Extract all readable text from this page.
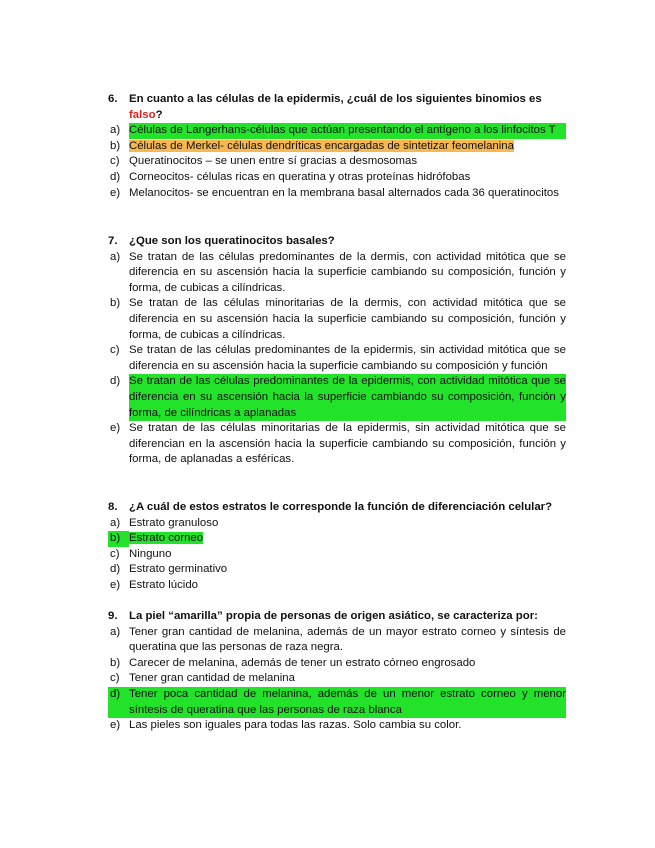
6.	En cuanto a las células de la epidermis, ¿cuál de los siguientes binomios es falso?
a) Células de Langerhans-células que actúan presentando el antígeno a los linfocitos T
b) Células de Merkel- células dendríticas encargadas de sintetizar feomelanina
c) Queratinocitos – se unen entre sí gracias a desmosomas
d) Corneocitos- células ricas en queratina y otras proteínas hidrófobas
e) Melanocitos- se encuentran en la membrana basal alternados cada 36 queratinocitos
7.	¿Que son los queratinocitos basales?
a) Se tratan de las células predominantes de la dermis, con actividad mitótica que se diferencia en su ascensión hacia la superficie cambiando su composición, función y forma, de cubicas a cilíndricas.
b) Se tratan de las células minoritarias de la dermis, con actividad mitótica que se diferencia en su ascensión hacia la superficie cambiando su composición, función y forma, de cubicas a cilíndricas.
c) Se tratan de las células predominantes de la epidermis, sin actividad mitótica que se diferencia en su ascensión hacia la superficie cambiando su composición y función
d) Se tratan de las células predominantes de la epidermis, con actividad mitótica que se diferencia en su ascensión hacia la superficie cambiando su composición, función y forma, de cilíndricas a aplanadas
e) Se tratan de las células minoritarias de la epidermis, sin actividad mitótica que se diferencian en la ascensión hacia la superficie cambiando su composición, función y forma, de aplanadas a esféricas.
8.	¿A cuál de estos estratos le corresponde la función de diferenciación celular?
a) Estrato granuloso
b) Estrato corneo
c) Ninguno
d) Estrato germinativo
e) Estrato lúcido
9.	La piel “amarilla” propia de personas de origen asiático, se caracteriza por:
a) Tener gran cantidad de melanina, además de un mayor estrato corneo y síntesis de queratina que las personas de raza negra.
b) Carecer de melanina, además de tener un estrato córneo engrosado
c) Tener gran cantidad de melanina
d) Tener poca cantidad de melanina, además de un menor estrato corneo y menor síntesis de queratina que las personas de raza blanca
e) Las pieles son iguales para todas las razas. Solo cambia su color.
